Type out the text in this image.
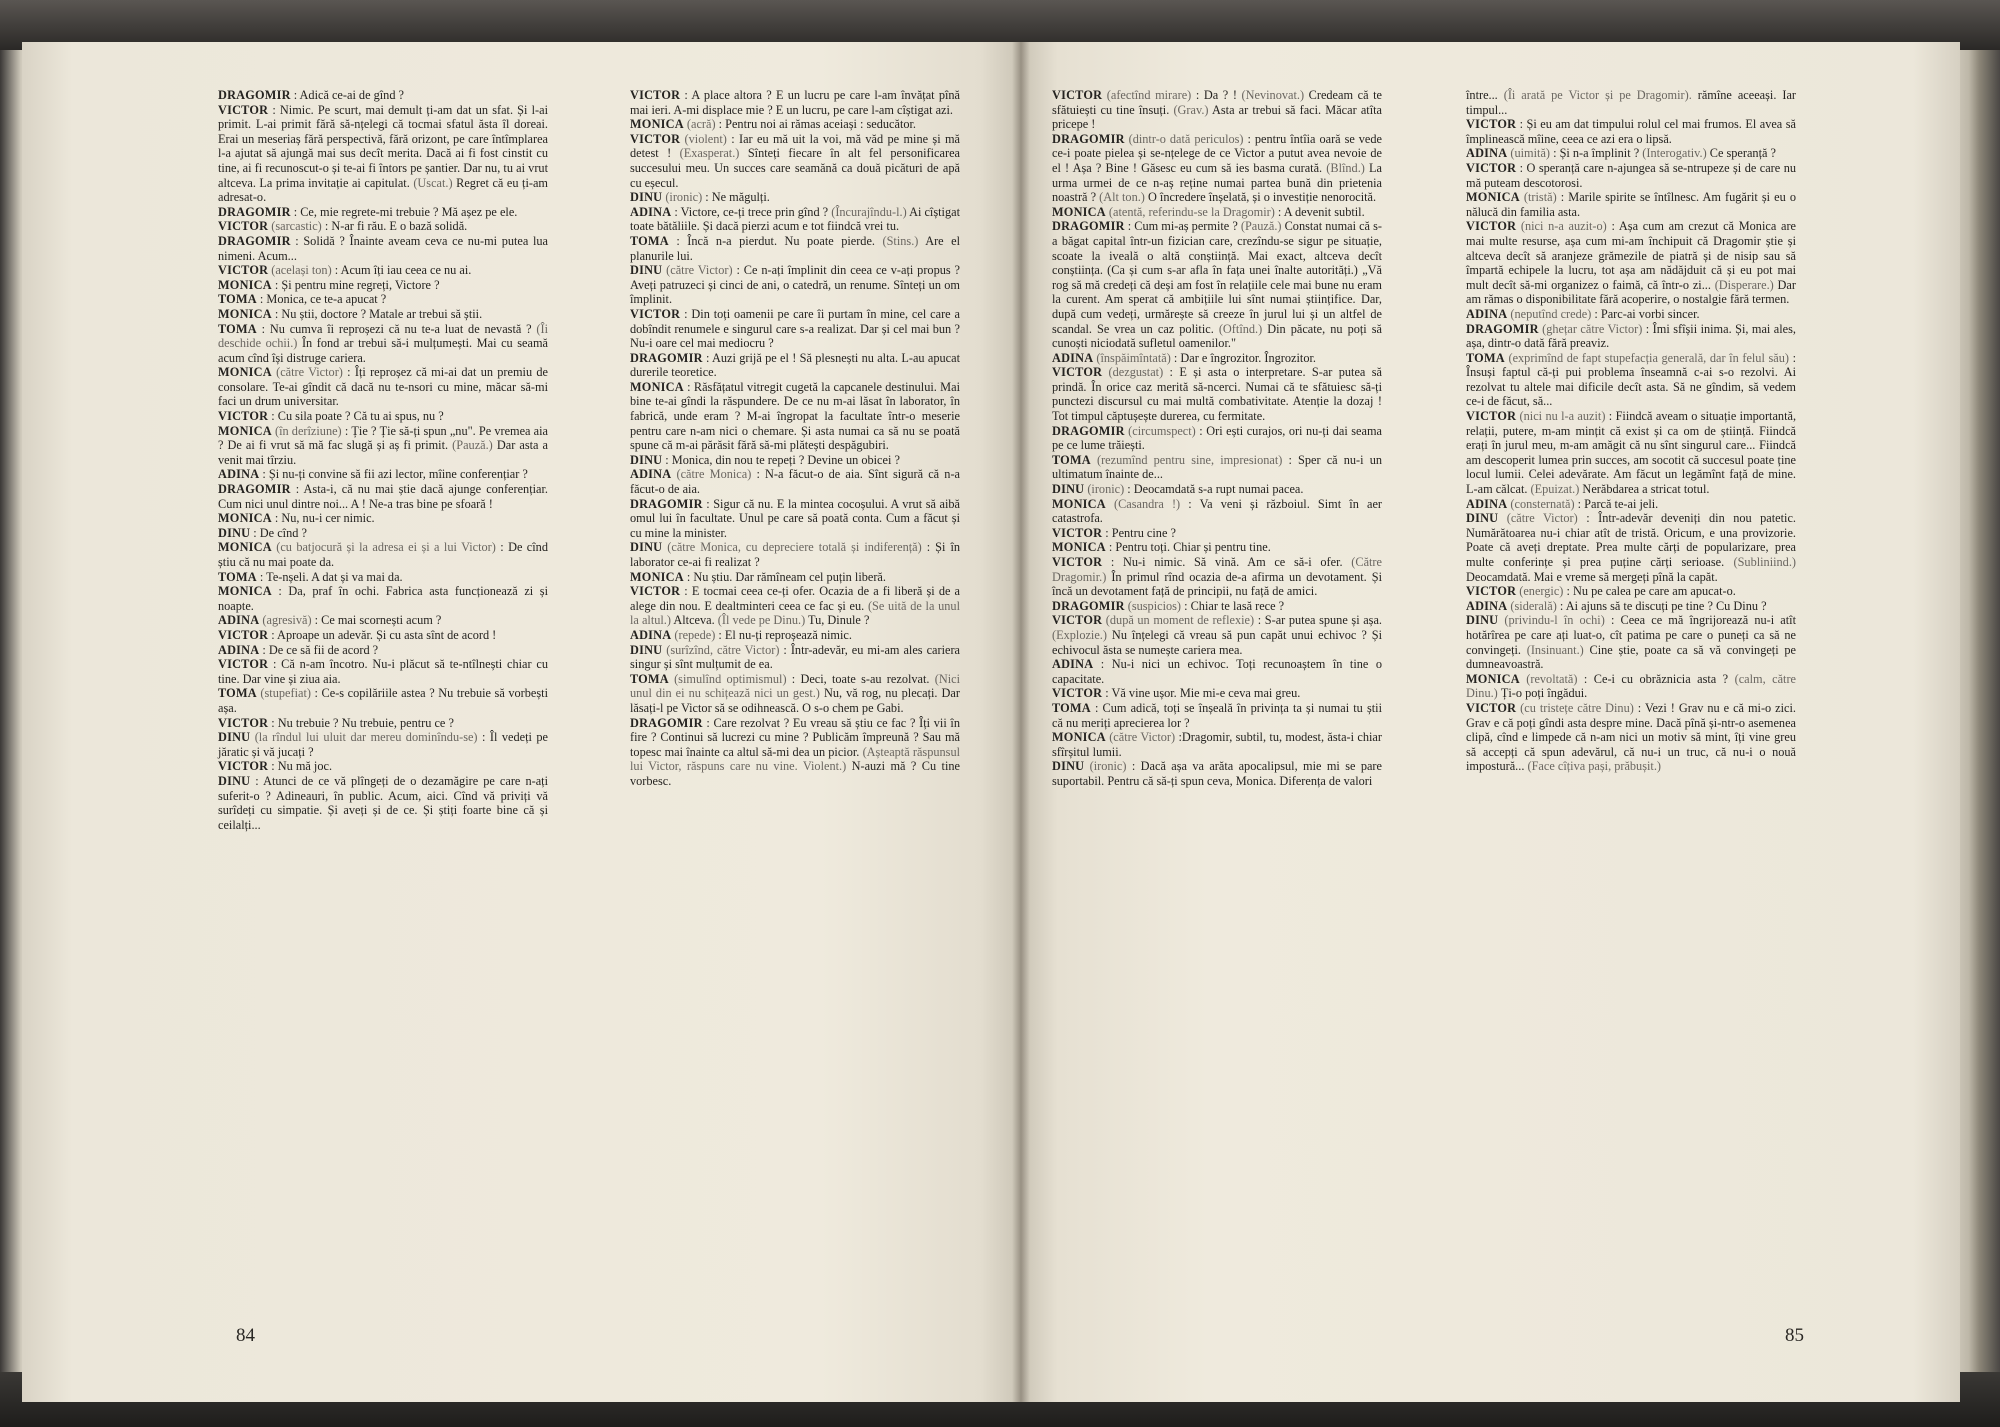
DRAGOMIR : Adică ce-ai de gînd ?

VICTOR : Nimic. Pe scurt, mai demult ți-am dat un sfat. Și l-ai primit. L-ai primit fără să-nțelegi că tocmai sfatul ăsta îl doreai. Erai un meseriaș fără perspectivă, fără orizont, pe care întîmplarea l-a ajutat să ajungă mai sus decît merita. Dacă ai fi fost cinstit cu tine, ai fi recunoscut-o și te-ai fi întors pe șantier. Dar nu, tu ai vrut altceva. La prima invitație ai capitulat. (Uscat.) Regret că eu ți-am adresat-o.

DRAGOMIR : Ce, mie regrete-mi trebuie ? Mă așez pe ele.

VICTOR (sarcastic) : N-ar fi rău. E o bază solidă.

DRAGOMIR : Solidă ? Înainte aveam ceva ce nu-mi putea lua nimeni. Acum...

VICTOR (același ton) : Acum îți iau ceea ce nu ai.

MONICA : Și pentru mine regreți, Victore ?

TOMA : Monica, ce te-a apucat ?

MONICA : Nu știi, doctore ? Matale ar trebui să știi.

TOMA : Nu cumva îi reproșezi că nu te-a luat de nevastă ? (Îi deschide ochii.) În fond ar trebui să-i mulțumești. Mai cu seamă acum cînd își distruge cariera.

MONICA (către Victor) : Îți reproșez că mi-ai dat un premiu de consolare. Te-ai gîndit că dacă nu te-nsori cu mine, măcar să-mi faci un drum universitar.

VICTOR : Cu sila poate ? Că tu ai spus, nu ?

MONICA (în derîziune) : Ție ? Ție să-ți spun „nu". Pe vremea aia ? De ai fi vrut să mă fac slugă și aș fi primit. (Pauză.) Dar asta a venit mai tîrziu.

ADINA : Și nu-ți convine să fii azi lector, mîine conferențiar ?

DRAGOMIR : Asta-i, că nu mai știe dacă ajunge conferențiar. Cum nici unul dintre noi... A ! Ne-a tras bine pe sfoară !

MONICA : Nu, nu-i cer nimic.

DINU : De cînd ?

MONICA (cu batjocură și la adresa ei și a lui Victor) : De cînd știu că nu mai poate da.

TOMA : Te-nșeli. A dat și va mai da.

MONICA : Da, praf în ochi. Fabrica asta funcționează zi și noapte.

ADINA (agresivă) : Ce mai scornești acum ?

VICTOR : Aproape un adevăr. Și cu asta sînt de acord !

ADINA : De ce să fii de acord ?

VICTOR : Că n-am încotro. Nu-i plăcut să te-ntîlnești chiar cu tine. Dar vine și ziua aia.

TOMA (stupefiat) : Ce-s copilăriile astea ? Nu trebuie să vorbești așa.

VICTOR : Nu trebuie ? Nu trebuie, pentru ce ?

DINU (la rîndul lui uluit dar mereu dominîndu-se) : Îl vedeți pe jăratic și vă jucați ?

VICTOR : Nu mă joc.

DINU : Atunci de ce vă plîngeți de o dezamăgire pe care n-ați suferit-o ? Adineauri, în public. Acum, aici. Cînd vă priviți vă surîdeți cu simpatie. Și aveți și de ce. Și știți foarte bine că și ceilalți...

VICTOR : A place altora ? E un lucru pe care l-am învățat pînă mai ieri. A-mi displace mie ? E un lucru, pe care l-am cîștigat azi.

MONICA (acră) : Pentru noi ai rămas aceiași : seducător.

VICTOR (violent) : Iar eu mă uit la voi, mă văd pe mine și mă detest ! (Exasperat.) Sînteți fiecare în alt fel personificarea succesului meu. Un succes care seamănă ca două picături de apă cu eșecul.

DINU (ironic) : Ne măgulți.

ADINA : Victore, ce-ți trece prin gînd ? (Încurajîndu-l.) Ai cîștigat toate bătăliile. Și dacă pierzi acum e tot fiindcă vrei tu.

TOMA : Încă n-a pierdut. Nu poate pierde. (Stins.) Are el planurile lui.

DINU (către Victor) : Ce n-ați împlinit din ceea ce v-ați propus ? Aveți patruzeci și cinci de ani, o catedră, un renume. Sînteți un om împlinit.

VICTOR : Din toți oamenii pe care îi purtam în mine, cel care a dobîndit renumele e singurul care s-a realizat. Dar și cel mai bun ? Nu-i oare cel mai mediocru ?

DRAGOMIR : Auzi grijă pe el ! Să plesnești nu alta. L-au apucat durerile teoretice.

MONICA : Răsfățatul vitregit cugetă la capcanele destinului. Mai bine te-ai gîndi la răspundere. De ce nu m-ai lăsat în laborator, în fabrică, unde eram ? M-ai îngropat la facultate într-o meserie pentru care n-am nici o chemare. Și asta numai ca să nu se poată spune că m-ai părăsit fără să-mi plătești despăgubiri.

DINU : Monica, din nou te repeți ? Devine un obicei ?

ADINA (către Monica) : N-a făcut-o de aia. Sînt sigură că n-a făcut-o de aia.

DRAGOMIR : Sigur că nu. E la mintea cocoșului. A vrut să aibă omul lui în facultate. Unul pe care să poată conta. Cum a făcut și cu mine la minister.

DINU (către Monica, cu depreciere totală și indiferență) : Și în laborator ce-ai fi realizat ?

MONICA : Nu știu. Dar rămîneam cel puțin liberă.

VICTOR : E tocmai ceea ce-ți ofer. Ocazia de a fi liberă și de a alege din nou. E dealtminteri ceea ce fac și eu. (Se uită de la unul la altul.) Altceva. (Îl vede pe Dinu.) Tu, Dinule ?

ADINA (repede) : El nu-ți reproșează nimic.

DINU (surîzînd, către Victor) : Într-adevăr, eu mi-am ales cariera singur și sînt mulțumit de ea.

TOMA (simulînd optimismul) : Deci, toate s-au rezolvat. (Nici unul din ei nu schițează nici un gest.) Nu, vă rog, nu plecați. Dar lăsați-l pe Victor să se odihnească. O s-o chem pe Gabi.

DRAGOMIR : Care rezolvat ? Eu vreau să știu ce fac ? Îți vii în fire ? Continui să lucrezi cu mine ? Publicăm împreună ? Sau mă topesc mai înainte ca altul să-mi dea un picior. (Așteaptă răspunsul lui Victor, răspuns care nu vine. Violent.) N-auzi mă ? Cu tine vorbesc.

VICTOR (afectînd mirare) : Da ? ! (Nevinovat.) Credeam că te sfătuiești cu tine însuți. (Grav.) Asta ar trebui să faci. Măcar atîta pricepe !

DRAGOMIR (dintr-o dată periculos) : pentru întîia oară se vede ce-i poate pielea și se-nțelege de ce Victor a putut avea nevoie de el ! Așa ? Bine ! Găsesc eu cum să ies basma curată. (Blînd.) La urma urmei de ce n-aș reține numai partea bună din prietenia noastră ? (Alt ton.) O încredere înșelată, și o investiție nenorocită.

MONICA (atentă, referindu-se la Dragomir) : A devenit subtil.

DRAGOMIR : Cum mi-aș permite ? (Pauză.) Constat numai că s-a băgat capital într-un fizician care, crezîndu-se sigur pe situație, scoate la iveală o altă conștiință. Mai exact, altceva decît conștiința. (Ca și cum s-ar afla în fața unei înalte autorități.) „Vă rog să mă credeți că deși am fost în relațiile cele mai bune nu eram la curent. Am sperat că ambițiile lui sînt numai științifice. Dar, după cum vedeți, urmărește să creeze în jurul lui și un altfel de scandal. Se vrea un caz politic. (Oftînd.) Din păcate, nu poți să cunoști niciodată sufletul oamenilor."

ADINA (înspăimîntată) : Dar e îngrozitor. Îngrozitor.

VICTOR (dezgustat) : E și asta o interpretare. S-ar putea să prindă. În orice caz merită să-ncerci. Numai că te sfătuiesc să-ți punctezi discursul cu mai multă combativitate. Atenție la dozaj ! Tot timpul căptușește durerea, cu fermitate.

DRAGOMIR (circumspect) : Ori ești curajos, ori nu-ți dai seama pe ce lume trăiești.

TOMA (rezumînd pentru sine, impresionat) : Sper că nu-i un ultimatum înainte de...

DINU (ironic) : Deocamdată s-a rupt numai pacea.

MONICA (Casandra !) : Va veni și războiul. Simt în aer catastrofa.

VICTOR : Pentru cine ?

MONICA : Pentru toți. Chiar și pentru tine.

VICTOR : Nu-i nimic. Să vină. Am ce să-i ofer. (Către Dragomir.) În primul rînd ocazia de-a afirma un devotament. Și încă un devotament față de principii, nu față de amici.

DRAGOMIR (suspicios) : Chiar te lasă rece ?

VICTOR (după un moment de reflexie) : S-ar putea spune și așa. (Explozie.) Nu înțelegi că vreau să pun capăt unui echivoc ? Și echivocul ăsta se numește cariera mea.

ADINA : Nu-i nici un echivoc. Toți recunoaștem în tine o capacitate.

VICTOR : Vă vine ușor. Mie mi-e ceva mai greu.

TOMA : Cum adică, toți se înșeală în privința ta și numai tu știi că nu meriți aprecierea lor ?

MONICA (către Victor) :Dragomir, subtil, tu, modest, ăsta-i chiar sfîrșitul lumii.

DINU (ironic) : Dacă așa va arăta apocalipsul, mie mi se pare suportabil. Pentru că să-ți spun ceva, Monica. Diferența de valori

între... (Îi arată pe Victor și pe Dragomir). rămîne aceeași. Iar timpul...

VICTOR : Și eu am dat timpului rolul cel mai frumos. El avea să împlinească mîine, ceea ce azi era o lipsă.

ADINA (uimită) : Și n-a împlinit ? (Interogativ.) Ce speranță ?

VICTOR : O speranță care n-ajungea să se-ntrupeze și de care nu mă puteam descotorosi.

MONICA (tristă) : Marile spirite se întîlnesc. Am fugărit și eu o nălucă din familia asta.

VICTOR (nici n-a auzit-o) : Așa cum am crezut că Monica are mai multe resurse, așa cum mi-am închipuit că Dragomir știe și altceva decît să aranjeze grămezile de piatră și de nisip sau să împartă echipele la lucru, tot așa am nădăjduit că și eu pot mai mult decît să-mi organizez o faimă, că într-o zi... (Disperare.) Dar am rămas o disponibilitate fără acoperire, o nostalgie fără termen.

ADINA (neputînd crede) : Parc-ai vorbi sincer.

DRAGOMIR (ghețar către Victor) : Îmi sfîșii inima. Și, mai ales, așa, dintr-o dată fără preaviz.

TOMA (exprimînd de fapt stupefacția generală, dar în felul său) : Însuși faptul că-ți pui problema înseamnă c-ai s-o rezolvi. Ai rezolvat tu altele mai dificile decît asta. Să ne gîndim, să vedem ce-i de făcut, să...

VICTOR (nici nu l-a auzit) : Fiindcă aveam o situație importantă, relații, putere, m-am mințit că exist și ca om de știință. Fiindcă erați în jurul meu, m-am amăgit că nu sînt singurul care... Fiindcă am descoperit lumea prin succes, am socotit că succesul poate ține locul lumii. Celei adevărate. Am făcut un legămînt față de mine. L-am călcat. (Epuizat.) Nerăbdarea a stricat totul.

ADINA (consternată) : Parcă te-ai jeli.

DINU (către Victor) : Într-adevăr deveniți din nou patetic. Numărătoarea nu-i chiar atît de tristă. Oricum, e una provizorie. Poate că aveți dreptate. Prea multe cărți de popularizare, prea multe conferințe și prea puține cărți serioase. (Subliniind.) Deocamdată. Mai e vreme să mergeți pînă la capăt.

VICTOR (energic) : Nu pe calea pe care am apucat-o.

ADINA (siderală) : Ai ajuns să te discuți pe tine ? Cu Dinu ?

DINU (privindu-l în ochi) : Ceea ce mă îngrijorează nu-i atît hotărîrea pe care ați luat-o, cît patima pe care o puneți ca să ne convingeți. (Insinuant.) Cine știe, poate ca să vă convingeți pe dumneavoastră.

MONICA (revoltată) : Ce-i cu obrăznicia asta ? (calm, către Dinu.) Ți-o poți îngădui.

VICTOR (cu tristețe către Dinu) : Vezi ! Grav nu e că mi-o zici. Grav e că poți gîndi asta despre mine. Dacă pînă și-ntr-o asemenea clipă, cînd e limpede că n-am nici un motiv să mint, îți vine greu să accepți că spun adevărul, că nu-i un truc, că nu-i o nouă impostură... (Face cîțiva pași, prăbușit.)

84	85
